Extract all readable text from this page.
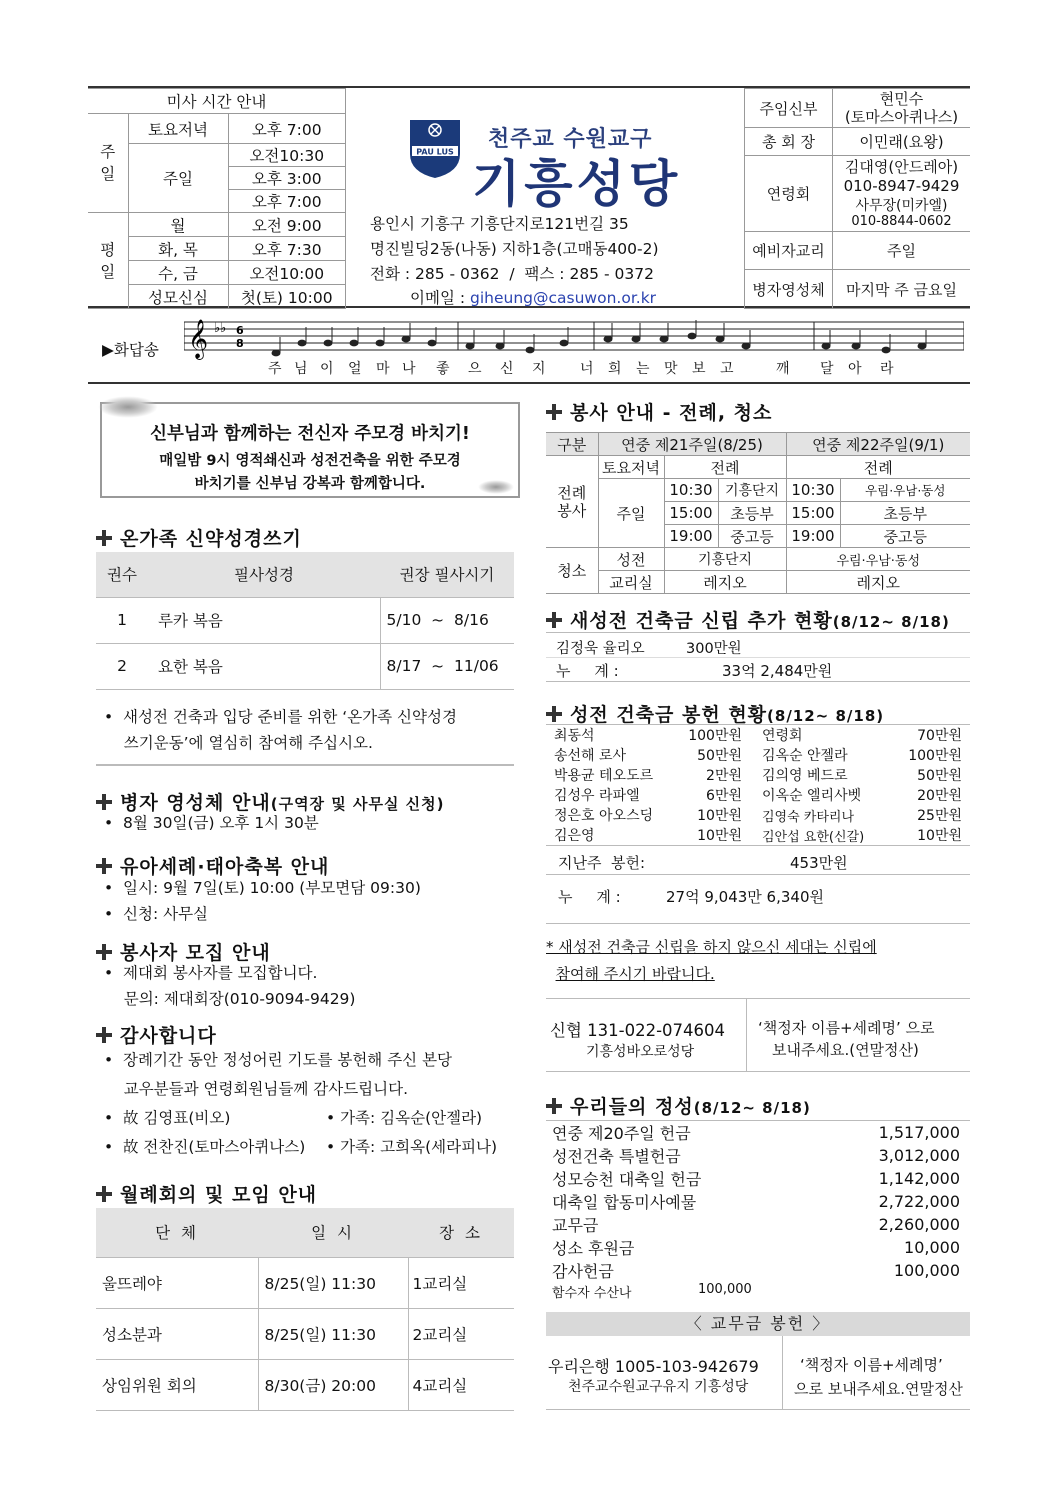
미사 시간 안내		
주일	토요저녁	오후 7:00
	주일	오전10:30
		오후 3:00
		오후 7:00
평일	월	오전 9:00
	화, 목	오후 7:30
	수, 금	오전10:00
	성모신심	첫(토) 10:00
PAU LUS 천주교 수원교구
기흥성당
용인시 기흥구 기흥단지로121번길 35
명진빌딩2동(나동) 지하1층(고매동400-2)
전화 : 285 - 0362  /  팩스 : 285 - 0372
이메일 : giheung@casuwon.or.kr
주임신부	현민수
(토마스아퀴나스)

총 회 장	이민래(요왕)
연령회	김대영(안드레아)
010-8947-9429

	사무장(미카엘)
010-8844-0602

예비자교리	주일
병자영성체	마지막 주 금요일
▶화답송 𝄞 ♭♭ 6
8
주 님 이 얼 마 나 좋 으 신 지 너 희 는 맛 보 고	깨 달 아 라
신부님과 함께하는 전신자 주모경 바치기!
매일밤 9시 영적쇄신과 성전건축을 위한 주모경
바치기를 신부님 강복과 함께합니다.
온가족 신약성경쓰기
권수	필사성경	권장 필사시기
1	루카 복음	5/10  ~  8/16
2	요한 복음	8/17  ~  11/06
•  새성전 건축과 입당 준비를 위한 ‘온가족 신약성경
쓰기운동’에 열심히 참여해 주십시오.
병자 영성체 안내(구역장 및 사무실 신청)
•  8월 30일(금) 오후 1시 30분
유아세례·태아축복 안내
•  일시: 9월 7일(토) 10:00 (부모면담 09:30)
•  신청: 사무실
봉사자 모집 안내
•  제대회 봉사자를 모집합니다.
문의: 제대회장(010-9094-9429)
감사합니다
•  장례기간 동안 정성어린 기도를 봉헌해 주신 본당
교우분들과 연령회원님들께 감사드립니다.
•  故 김영표(비오)
•  故 전찬진(토마스아퀴나스)
• 가족: 김옥순(안젤라)
• 가족: 고희옥(세라피나)
월례회의 및 모임 안내
단 체	일 시	장 소
울뜨레야	8/25(일) 11:30	1교리실
성소분과	8/25(일) 11:30	2교리실
상임위원 회의	8/30(금) 20:00	4교리실
봉사 안내 - 전례, 청소
구분	연중 제21주일(8/25)			연중 제22주일(9/1)	
전례봉사	토요저녁	전례		전례	
	주일	10:30	기흥단지	10:30	우림·우남·동성
		15:00	초등부	15:00	초등부
		19:00	중고등	19:00	중고등
청소	성전	기흥단지		우림·우남·동성	
	교리실	레지오		레지오	
새성전 건축금 신립 추가 현황(8/12~ 8/18)
김정욱 율리오	300만원
누     계 :	33억 2,484만원
성전 건축금 봉헌 현황(8/12~ 8/18)
최동석	100만원	연령회	70만원
송선해 로사	50만원	김옥순 안젤라	100만원
박용균 테오도르	2만원	김의영 베드로	50만원
김성우 라파엘	6만원	이옥순 엘리사벳	20만원
정은호 아오스딩	10만원	김영숙 카타리나	25만원
김은영	10만원	김안섭 요한(신갈)	10만원
지난주  봉헌:	453만원
누     계 :	27억 9,043만 6,340원
* 새성전 건축금 신립을 하지 않으신 세대는 신립에
참여해 주시기 바랍니다.
신협 131-022-074604
기흥성바오로성당
‘책정자 이름+세례명’ 으로
보내주세요.(연말정산)
우리들의 정성(8/12~ 8/18)
연중 제20주일 헌금	1,517,000
성전건축 특별헌금	3,012,000
성모승천 대축일 헌금	1,142,000
대축일 합동미사예물	2,722,000
교무금	2,260,000
성소 후원금	10,000
감사헌금	100,000
함수자 수산나	100,000
〈 교무금 봉헌 〉
우리은행 1005-103-942679
천주교수원교구유지 기흥성당
‘책정자 이름+세례명’
으로 보내주세요.연말정산
